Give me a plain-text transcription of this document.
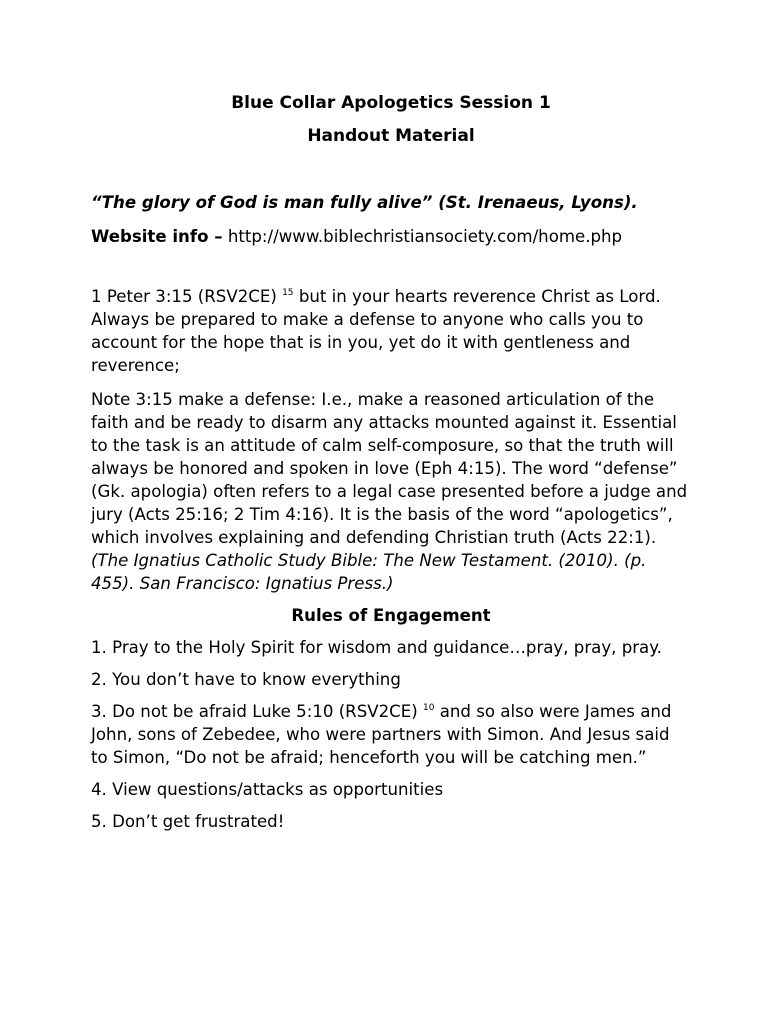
Blue Collar Apologetics Session 1

Handout Material

“The glory of God is man fully alive” (St. Irenaeus, Lyons).

Website info – http://www.biblechristiansociety.com/home.php

1 Peter 3:15 (RSV2CE) $^{15}$ but in your hearts reverence Christ as Lord. Always be prepared to make a defense to anyone who calls you to account for the hope that is in you, yet do it with gentleness and reverence;

Note 3:15 make a defense: I.e., make a reasoned articulation of the faith and be ready to disarm any attacks mounted against it. Essential to the task is an attitude of calm self-composure, so that the truth will always be honored and spoken in love (Eph 4:15). The word “defense” (Gk. apologia) often refers to a legal case presented before a judge and jury (Acts 25:16; 2 Tim 4:16). It is the basis of the word “apologetics”, which involves explaining and defending Christian truth (Acts 22:1). (The Ignatius Catholic Study Bible: The New Testament. (2010). (p. 455). San Francisco: Ignatius Press.)

Rules of Engagement

1. Pray to the Holy Spirit for wisdom and guidance…pray, pray, pray.

2. You don’t have to know everything

3. Do not be afraid Luke 5:10 (RSV2CE) $^{10}$ and so also were James and John, sons of Zebedee, who were partners with Simon. And Jesus said to Simon, “Do not be afraid; henceforth you will be catching men.”

4. View questions/attacks as opportunities

5. Don’t get frustrated!
